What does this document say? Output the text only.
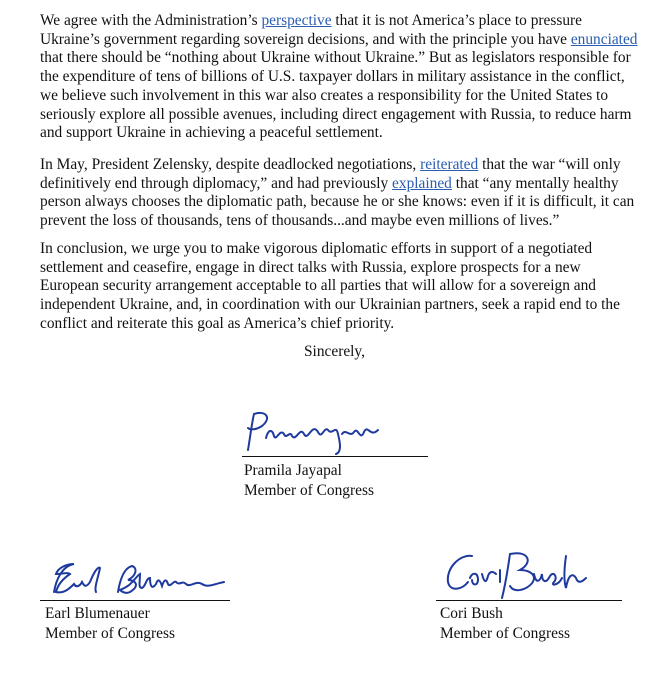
We agree with the Administration’s perspective that it is not America’s place to pressure
Ukraine’s government regarding sovereign decisions, and with the principle you have enunciated
that there should be “nothing about Ukraine without Ukraine.” But as legislators responsible for
the expenditure of tens of billions of U.S. taxpayer dollars in military assistance in the conflict,
we believe such involvement in this war also creates a responsibility for the United States to
seriously explore all possible avenues, including direct engagement with Russia, to reduce harm
and support Ukraine in achieving a peaceful settlement.
In May, President Zelensky, despite deadlocked negotiations, reiterated that the war “will only
definitively end through diplomacy,” and had previously explained that “any mentally healthy
person always chooses the diplomatic path, because he or she knows: even if it is difficult, it can
prevent the loss of thousands, tens of thousands...and maybe even millions of lives.”
In conclusion, we urge you to make vigorous diplomatic efforts in support of a negotiated
settlement and ceasefire, engage in direct talks with Russia, explore prospects for a new
European security arrangement acceptable to all parties that will allow for a sovereign and
independent Ukraine, and, in coordination with our Ukrainian partners, seek a rapid end to the
conflict and reiterate this goal as America’s chief priority.
Sincerely,
Pramila Jayapal
Member of Congress
Earl Blumenauer
Member of Congress
Cori Bush
Member of Congress
